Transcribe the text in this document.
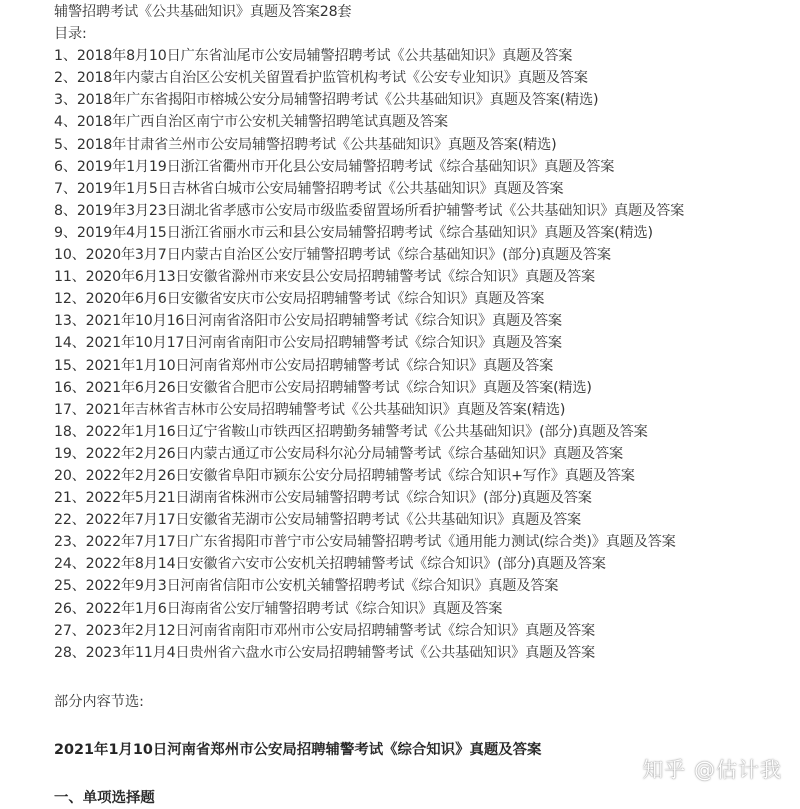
辅警招聘考试《公共基础知识》真题及答案28套
目录:
1、2018年8月10日广东省汕尾市公安局辅警招聘考试《公共基础知识》真题及答案
2、2018年内蒙古自治区公安机关留置看护监管机构考试《公安专业知识》真题及答案
3、2018年广东省揭阳市榕城公安分局辅警招聘考试《公共基础知识》真题及答案(精选)
4、2018年广西自治区南宁市公安机关辅警招聘笔试真题及答案
5、2018年甘肃省兰州市公安局辅警招聘考试《公共基础知识》真题及答案(精选)
6、2019年1月19日浙江省衢州市开化县公安局辅警招聘考试《综合基础知识》真题及答案
7、2019年1月5日吉林省白城市公安局辅警招聘考试《公共基础知识》真题及答案
8、2019年3月23日湖北省孝感市公安局市级监委留置场所看护辅警考试《公共基础知识》真题及答案
9、2019年4月15日浙江省丽水市云和县公安局辅警招聘考试《综合基础知识》真题及答案(精选)
10、2020年3月7日内蒙古自治区公安厅辅警招聘考试《综合基础知识》(部分)真题及答案
11、2020年6月13日安徽省滁州市来安县公安局招聘辅警考试《综合知识》真题及答案
12、2020年6月6日安徽省安庆市公安局招聘辅警考试《综合知识》真题及答案
13、2021年10月16日河南省洛阳市公安局招聘辅警考试《综合知识》真题及答案
14、2021年10月17日河南省南阳市公安局招聘辅警考试《综合知识》真题及答案
15、2021年1月10日河南省郑州市公安局招聘辅警考试《综合知识》真题及答案
16、2021年6月26日安徽省合肥市公安局招聘辅警考试《综合知识》真题及答案(精选)
17、2021年吉林省吉林市公安局招聘辅警考试《公共基础知识》真题及答案(精选)
18、2022年1月16日辽宁省鞍山市铁西区招聘勤务辅警考试《公共基础知识》(部分)真题及答案
19、2022年2月26日内蒙古通辽市公安局科尔沁分局辅警考试《综合基础知识》真题及答案
20、2022年2月26日安徽省阜阳市颍东公安分局招聘辅警考试《综合知识+写作》真题及答案
21、2022年5月21日湖南省株洲市公安局辅警招聘考试《综合知识》(部分)真题及答案
22、2022年7月17日安徽省芜湖市公安局辅警招聘考试《公共基础知识》真题及答案
23、2022年7月17日广东省揭阳市普宁市公安局辅警招聘考试《通用能力测试(综合类)》真题及答案
24、2022年8月14日安徽省六安市公安机关招聘辅警考试《综合知识》(部分)真题及答案
25、2022年9月3日河南省信阳市公安机关辅警招聘考试《综合知识》真题及答案
26、2022年1月6日海南省公安厅辅警招聘考试《综合知识》真题及答案
27、2023年2月12日河南省南阳市邓州市公安局招聘辅警考试《综合知识》真题及答案
28、2023年11月4日贵州省六盘水市公安局招聘辅警考试《公共基础知识》真题及答案
部分内容节选:
2021年1月10日河南省郑州市公安局招聘辅警考试《综合知识》真题及答案
一、单项选择题
知乎 @估计我
